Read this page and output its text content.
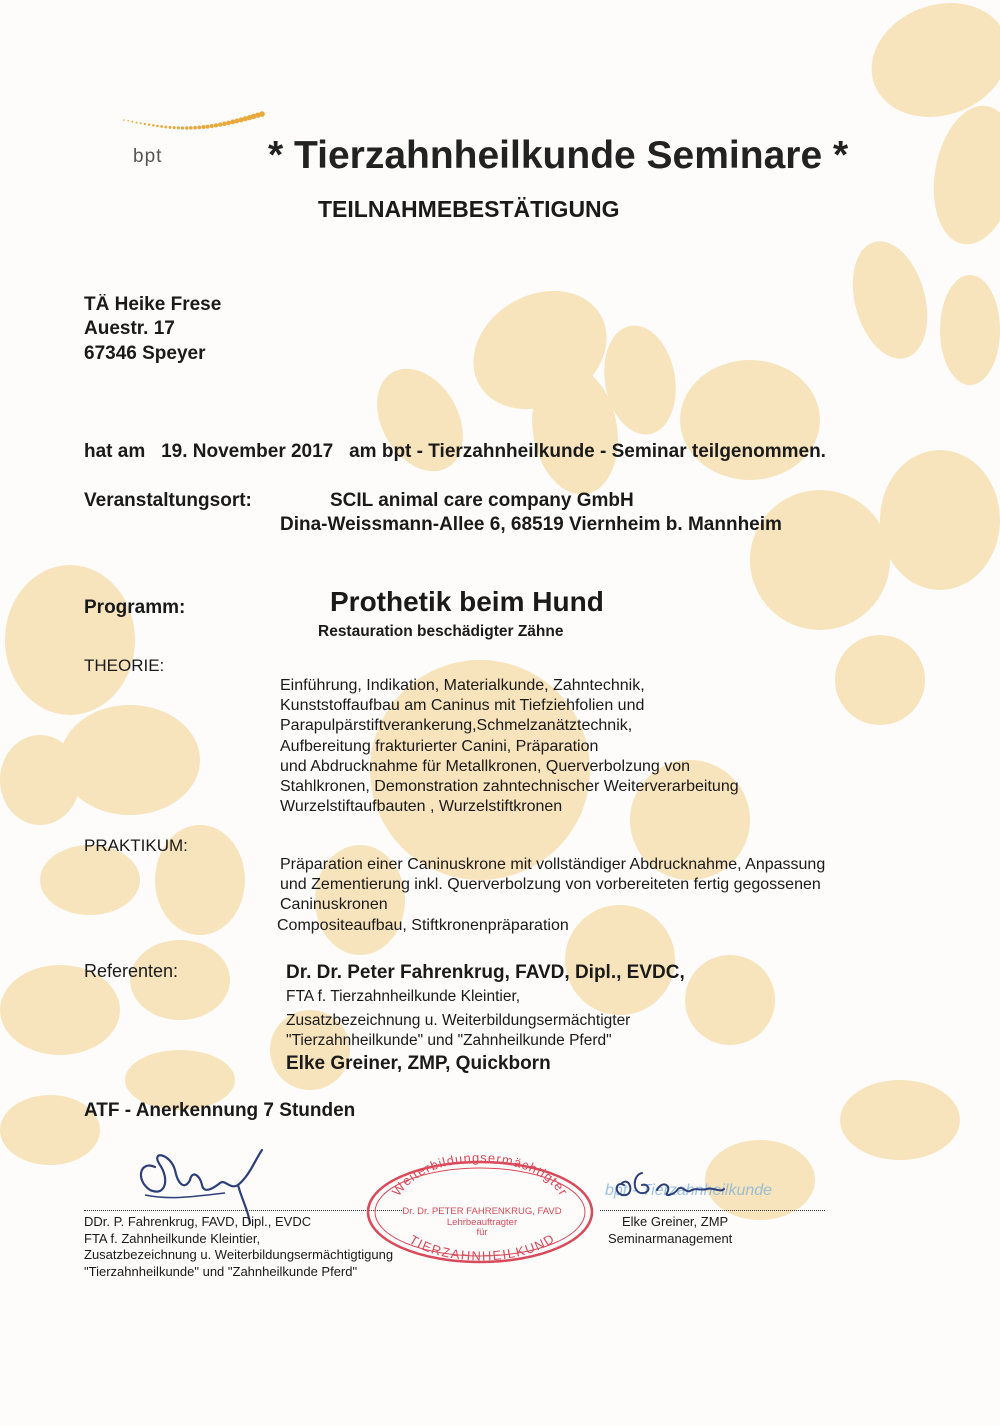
bpt	* Tierzahnheilkunde Seminare *
TEILNAHMEBESTÄTIGUNG
TÄ Heike Frese
Auestr. 17
67346 Speyer
hat am 19. November 2017 am bpt - Tierzahnheilkunde - Seminar teilgenommen.
Veranstaltungsort:	SCIL animal care company GmbH
Dina-Weissmann-Allee 6, 68519 Viernheim b. Mannheim
Programm:	Prothetik beim Hund
Restauration beschädigter Zähne
THEORIE:
Einführung, Indikation, Materialkunde, Zahntechnik,
Kunststoffaufbau am Caninus mit Tiefziehfolien und
Parapulpärstiftverankerung,Schmelzanätztechnik,
Aufbereitung frakturierter Canini, Präparation
und Abdrucknahme für Metallkronen, Querverbolzung von
Stahlkronen, Demonstration zahntechnischer Weiterverarbeitung
Wurzelstiftaufbauten , Wurzelstiftkronen
PRAKTIKUM:
Präparation einer Caninuskrone mit vollständiger Abdrucknahme, Anpassung
und Zementierung inkl. Querverbolzung von vorbereiteten fertig gegossenen
Caninuskronen
Compositeaufbau, Stiftkronenpräparation
Referenten:	Dr. Dr. Peter Fahrenkrug, FAVD, Dipl., EVDC,
FTA f. Tierzahnheilkunde Kleintier,
Zusatzbezeichnung u. Weiterbildungsermächtigter
"Tierzahnheilkunde" und "Zahnheilkunde Pferd"
Elke Greiner, ZMP, Quickborn
ATF - Anerkennung 7 Stunden
bpt - Tierzahnheilkunde
Weiterbildungsermächtigter
Dr. Dr. PETER FAHRENKRUG, FAVD
Lehrbeauftragter
für
TIERZAHNHEILKUND
DDr. P. Fahrenkrug, FAVD, Dipl., EVDC
FTA f. Zahnheilkunde Kleintier,
Zusatzbezeichnung u. Weiterbildungsermächtigtigung
"Tierzahnheilkunde" und "Zahnheilkunde Pferd"
Elke Greiner, ZMP
Seminarmanagement
